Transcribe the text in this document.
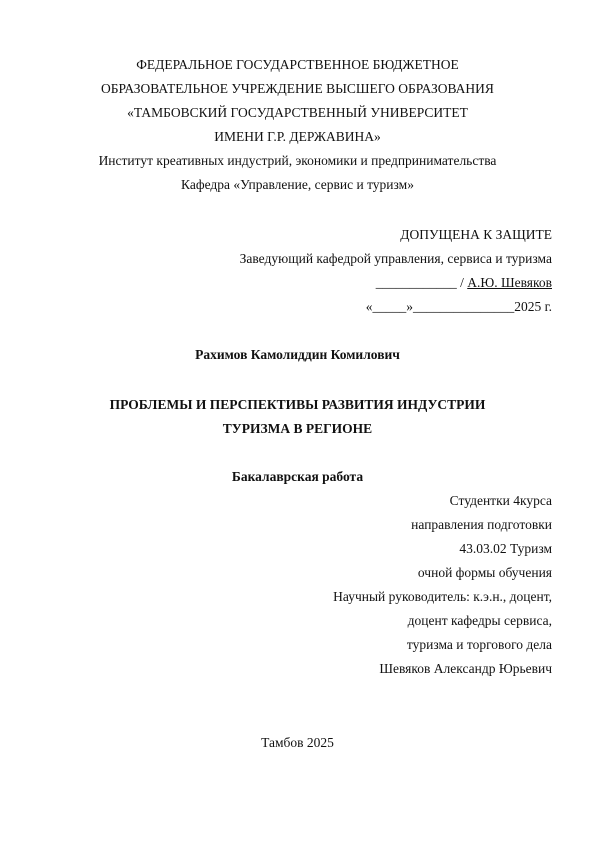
ФЕДЕРАЛЬНОЕ ГОСУДАРСТВЕННОЕ БЮДЖЕТНОЕ
ОБРАЗОВАТЕЛЬНОЕ УЧРЕЖДЕНИЕ ВЫСШЕГО ОБРАЗОВАНИЯ
«ТАМБОВСКИЙ ГОСУДАРСТВЕННЫЙ УНИВЕРСИТЕТ
ИМЕНИ Г.Р. ДЕРЖАВИНА»
Институт креативных индустрий, экономики и предпринимательства
Кафедра «Управление, сервис и туризм»
ДОПУЩЕНА К ЗАЩИТЕ
Заведующий кафедрой управления, сервиса и туризма
____________ / А.Ю. Шевяков
«_____»_______________2025 г.
Рахимов Камолиддин Комилович
ПРОБЛЕМЫ И ПЕРСПЕКТИВЫ РАЗВИТИЯ ИНДУСТРИИ
ТУРИЗМА В РЕГИОНЕ
Бакалаврская работа
Студентки 4курса
направления подготовки
43.03.02 Туризм
очной формы обучения
Научный руководитель: к.э.н., доцент,
доцент кафедры сервиса,
туризма и торгового дела
Шевяков Александр Юрьевич
Тамбов 2025
